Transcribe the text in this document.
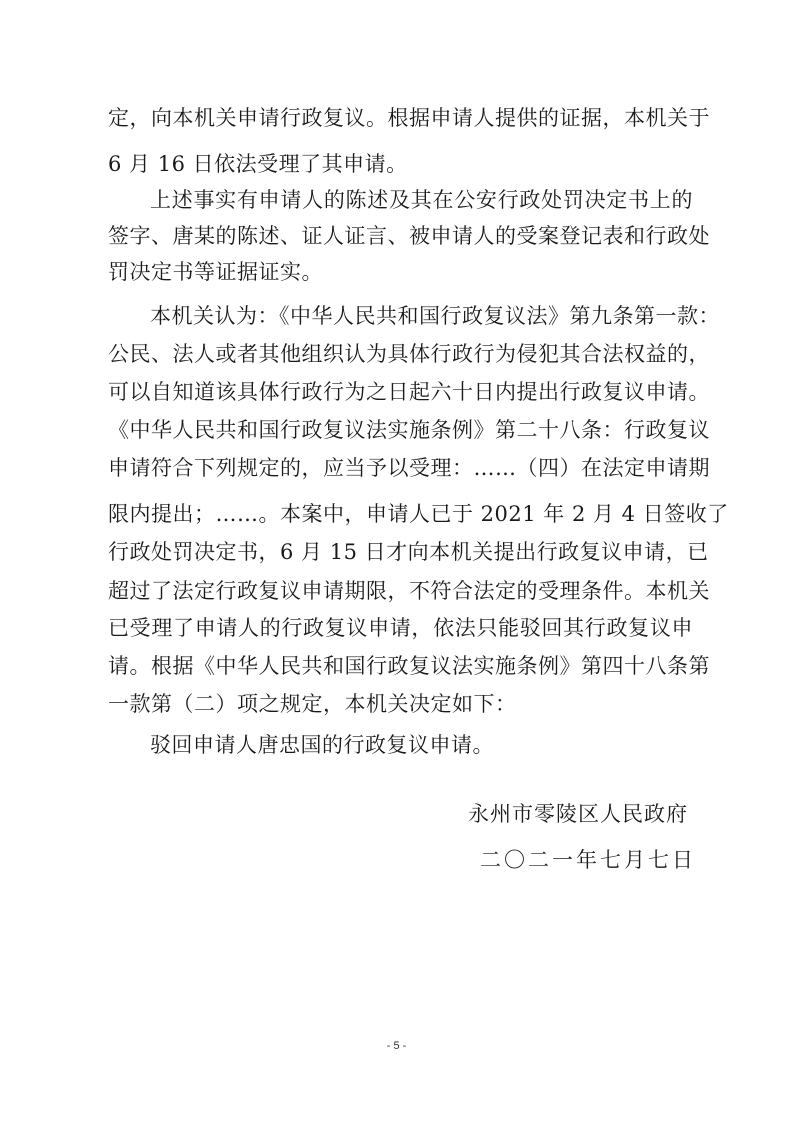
定，向本机关申请行政复议。根据申请人提供的证据，本机关于
6 月 16 日依法受理了其申请。
上述事实有申请人的陈述及其在公安行政处罚决定书上的
签字、唐某的陈述、证人证言、被申请人的受案登记表和行政处
罚决定书等证据证实。
本机关认为：《中华人民共和国行政复议法》第九条第一款：
公民、法人或者其他组织认为具体行政行为侵犯其合法权益的，
可以自知道该具体行政行为之日起六十日内提出行政复议申请。
《中华人民共和国行政复议法实施条例》第二十八条：行政复议
申请符合下列规定的，应当予以受理：……（四）在法定申请期
限内提出；……。本案中，申请人已于 2021 年 2 月 4 日签收了
行政处罚决定书，6 月 15 日才向本机关提出行政复议申请，已
超过了法定行政复议申请期限，不符合法定的受理条件。本机关
已受理了申请人的行政复议申请，依法只能驳回其行政复议申
请。根据《中华人民共和国行政复议法实施条例》第四十八条第
一款第（二）项之规定，本机关决定如下：
驳回申请人唐忠国的行政复议申请。
永州市零陵区人民政府
二〇二一年七月七日
- 5 -
